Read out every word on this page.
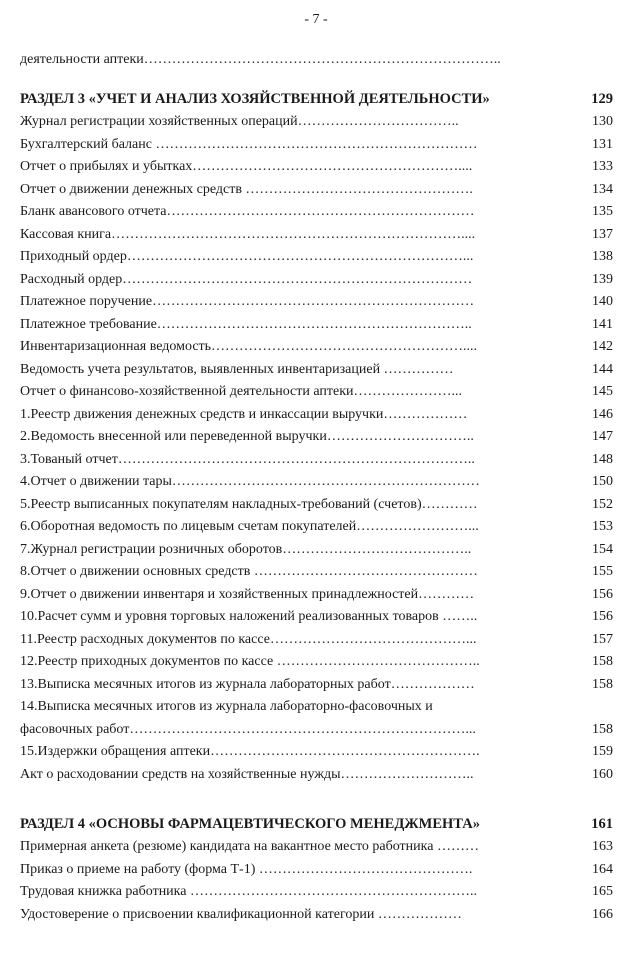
- 7 -
деятельности аптеки…………………………………………………………………..
РАЗДЕЛ 3 «УЧЕТ И АНАЛИЗ ХОЗЯЙСТВЕННОЙ ДЕЯТЕЛЬНОСТИ»	129
Журнал регистрации хозяйственных операций……………………………..	130
Бухгалтерский баланс ……………………………………………………………	131
Отчет о прибылях и убытках…………………………………………………....	133
Отчет о движении денежных средств ………………………………………….	134
Бланк авансового отчета…………………………………………………………	135
Кассовая книга…………………………………………………………………....	137
Приходный ордер………………………………………………………………...	138
Расходный ордер…………………………………………………………………	139
Платежное поручение……………………………………………………………	140
Платежное требование…………………………………………………………..	141
Инвентаризационная ведомость………………………………………………....	142
Ведомость учета результатов, выявленных инвентаризацией ……………	144
Отчет о финансово-хозяйственной деятельности аптеки…………………...	145
1.Реестр движения денежных средств и инкассации выручки………………	146
2.Ведомость внесенной или переведенной выручки…………………………..	147
3.Тованый отчет…………………………………………………………………..	148
4.Отчет о движении тары…………………………………………………………	150
5.Реестр выписанных покупателям накладных-требований (счетов)…………	152
6.Оборотная ведомость по лицевым счетам покупателей……………………...	153
7.Журнал регистрации розничных оборотов…………………………………..	154
8.Отчет о движении основных средств …………………………………………	155
9.Отчет о движении инвентаря и хозяйственных принадлежностей…………	156
10.Расчет сумм и уровня торговых наложений реализованных товаров ……..	156
11.Реестр расходных документов по кассе……………………………………...	157
12.Реестр приходных документов по кассе ……………………………………..	158
13.Выписка месячных итогов из журнала лабораторных работ………………	158
14.Выписка месячных итогов из журнала лабораторно-фасовочных и
фасовочных работ………………………………………………………………...	158
15.Издержки обращения аптеки………………………………………………….	159
Акт о расходовании средств на хозяйственные нужды………………………..	160
РАЗДЕЛ 4 «ОСНОВЫ ФАРМАЦЕВТИЧЕСКОГО МЕНЕДЖМЕНТА»	161
Примерная анкета (резюме) кандидата на вакантное место работника ………	163
Приказ о приеме на работу (форма Т-1) ……………………………………….	164
Трудовая книжка работника ……………………………………………………..	165
Удостоверение о присвоении квалификационной категории ………………	166
